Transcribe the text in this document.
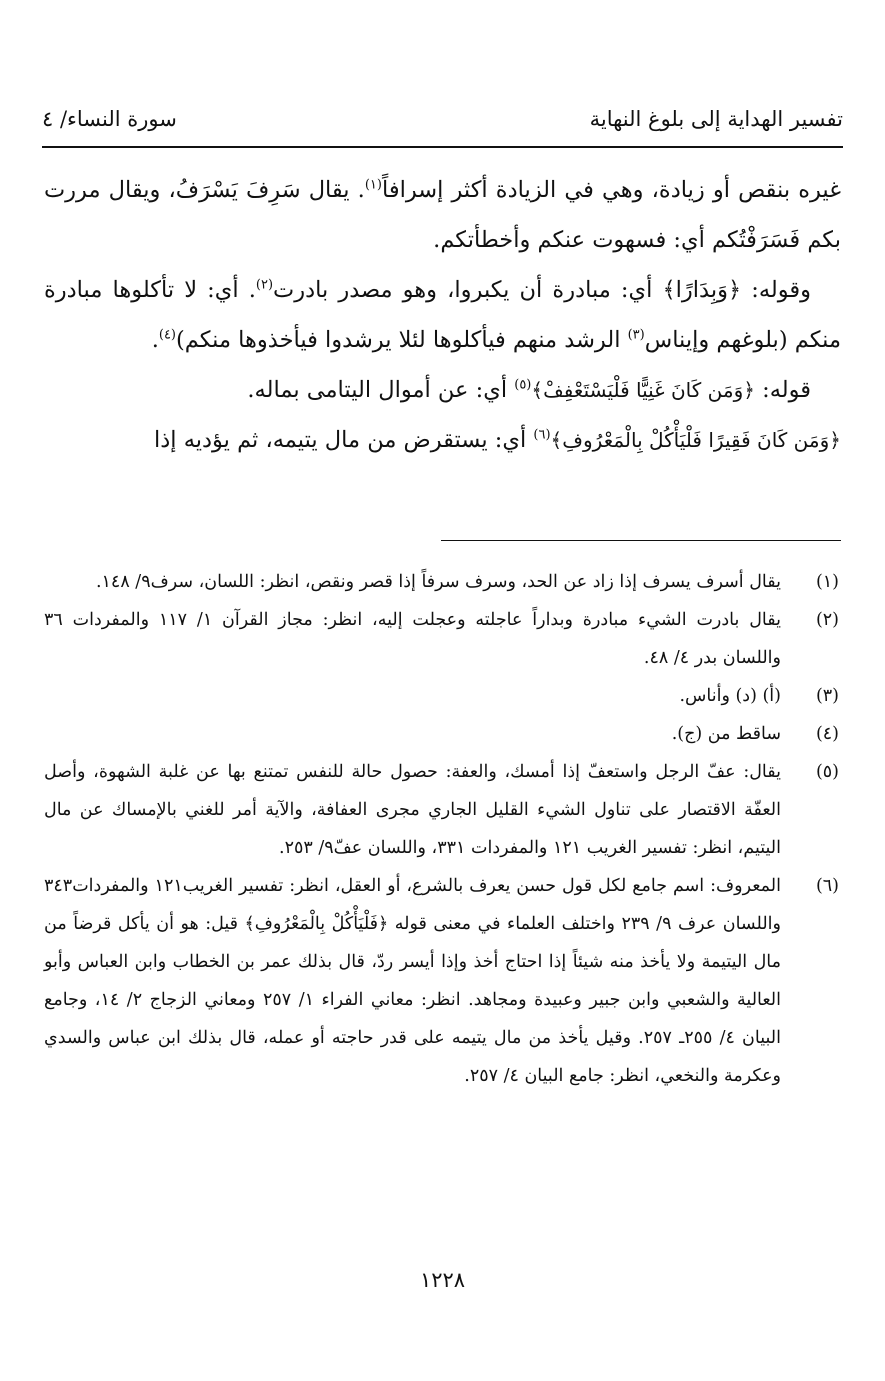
تفسير الهداية إلى بلوغ النهاية
سورة النساء/ ٤

غيره بنقص أو زيادة، وهي في الزيادة أكثر إسرافاً$^{(١)}$. يقال سَرِفَ يَسْرَفُ، ويقال مررت بكم فَسَرَفْتُكم أي: فسهوت عنكم وأخطأتكم.

وقوله: ﴿وَبِدَارًا﴾ أي: مبادرة أن يكبروا، وهو مصدر بادرت$^{(٢)}$. أي: لا تأكلوها مبادرة منكم (بلوغهم وإيناس$^{(٣)}$ الرشد منهم فيأكلوها لئلا يرشدوا فيأخذوها منكم)$^{(٤)}$.

قوله: ﴿وَمَن كَانَ غَنِيًّا فَلْيَسْتَعْفِفْ﴾$^{(٥)}$ أي: عن أموال اليتامى بماله.

﴿وَمَن كَانَ فَقِيرًا فَلْيَأْكُلْ بِالْمَعْرُوفِ﴾$^{(٦)}$ أي: يستقرض من مال يتيمه، ثم يؤديه إذا

(١)
يقال أسرف يسرف إذا زاد عن الحد، وسرف سرفاً إذا قصر ونقص، انظر: اللسان، سرف٩/ ١٤٨.
(٢)
يقال بادرت الشيء مبادرة وبداراً عاجلته وعجلت إليه، انظر: مجاز القرآن ١/ ١١٧ والمفردات ٣٦ واللسان بدر ٤/ ٤٨.
(٣)
(أ) (د) وأناس.
(٤)
ساقط من (ج).
(٥)
يقال: عفّ الرجل واستعفّ إذا أمسك، والعفة: حصول حالة للنفس تمتنع بها عن غلبة الشهوة، وأصل العفّة الاقتصار على تناول الشيء القليل الجاري مجرى العفافة، والآية أمر للغني بالإمساك عن مال اليتيم، انظر: تفسير الغريب ١٢١ والمفردات ٣٣١، واللسان عفّ٩/ ٢٥٣.
(٦)
المعروف: اسم جامع لكل قول حسن يعرف بالشرع، أو العقل، انظر: تفسير الغريب١٢١ والمفردات٣٤٣ واللسان عرف ٩/ ٢٣٩ واختلف العلماء في معنى قوله ﴿فَلْيَأْكُلْ بِالْمَعْرُوفِ﴾ قيل: هو أن يأكل قرضاً من مال اليتيمة ولا يأخذ منه شيئاً إذا احتاج أخذ وإذا أيسر ردّ، قال بذلك عمر بن الخطاب وابن العباس وأبو العالية والشعبي وابن جبير وعبيدة ومجاهد. انظر: معاني الفراء ١/ ٢٥٧ ومعاني الزجاج ٢/ ١٤، وجامع البيان ٤/ ٢٥٥ـ ٢٥٧. وقيل يأخذ من مال يتيمه على قدر حاجته أو عمله، قال بذلك ابن عباس والسدي وعكرمة والنخعي، انظر: جامع البيان ٤/ ٢٥٧.
١٢٢٨
